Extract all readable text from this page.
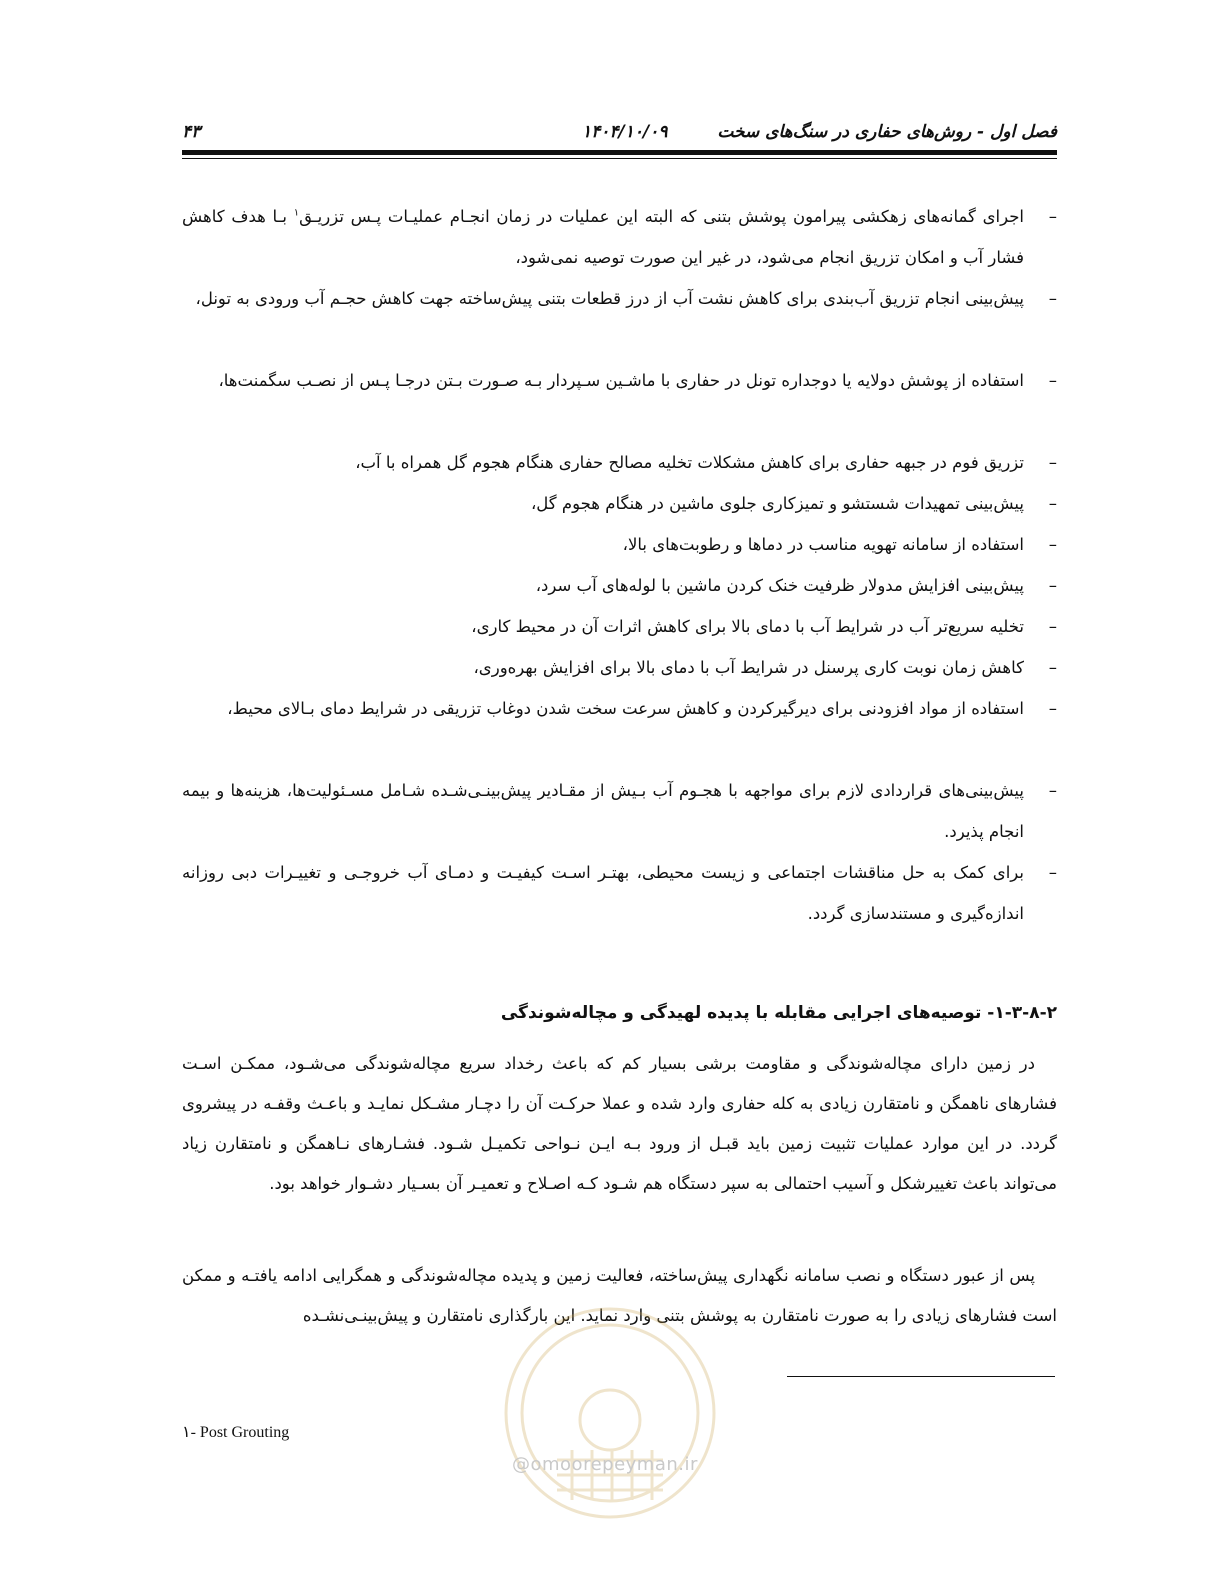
فصل اول - روش‌های حفاری در سنگ‌های سخت
۱۴۰۴/۱۰/۰۹
۴۳
– اجرای گمانه‌های زهکشی پیرامون پوشش بتنی که البته این عملیات در زمان انجـام عملیـات پـس تزریـق$^۱$ بـا هدف کاهش فشار آب و امکان تزریق انجام می‌شود، در غیر این صورت توصیه نمی‌شود،
– پیش‌بینی انجام تزریق آب‌بندی برای کاهش نشت آب از درز قطعات بتنی پیش‌ساخته جهت کاهش حجـم آب ورودی به تونل،
– استفاده از پوشش دولایه یا دوجداره تونل در حفاری با ماشـین سـپردار بـه صـورت بـتن درجـا پـس از نصـب سگمنت‌ها،
– تزریق فوم در جبهه حفاری برای کاهش مشکلات تخلیه مصالح حفاری هنگام هجوم گل همراه با آب،
– پیش‌بینی تمهیدات شستشو و تمیزکاری جلوی ماشین در هنگام هجوم گل،
– استفاده از سامانه تهویه مناسب در دماها و رطوبت‌های بالا،
– پیش‌بینی افزایش مدولار ظرفیت خنک کردن ماشین با لوله‌های آب سرد،
– تخلیه سریع‌تر آب در شرایط آب با دمای بالا برای کاهش اثرات آن در محیط کاری،
– کاهش زمان نوبت کاری پرسنل در شرایط آب با دمای بالا برای افزایش بهره‌وری،
– استفاده از مواد افزودنی برای دیرگیرکردن و کاهش سرعت سخت شدن دوغاب تزریقی در شرایط دمای بـالای محیط،
– پیش‌بینی‌های قراردادی لازم برای مواجهه با هجـوم آب بـیش از مقـادیر پیش‌بینـی‌شـده شـامل مسـئولیت‌ها، هزینه‌ها و بیمه انجام پذیرد.
– برای کمک به حل مناقشات اجتماعی و زیست محیطی، بهتـر اسـت کیفیـت و دمـای آب خروجـی و تغییـرات دبی روزانه اندازه‌گیری و مستندسازی گردد.
۱-۳-۸-۲- توصیه‌های اجرایی مقابله با پدیده لهیدگی و مچاله‌شوندگی

در زمین دارای مچاله‌شوندگی و مقاومت برشی بسیار کم که باعث رخداد سریع مچاله‌شوندگی می‌شـود، ممکـن اسـت فشارهای ناهمگن و نامتقارن زیادی به کله حفاری وارد شده و عملا حرکـت آن را دچـار مشـکل نمایـد و باعـث وقفـه در پیشروی گردد. در این موارد عملیات تثبیت زمین باید قبـل از ورود بـه ایـن نـواحی تکمیـل شـود. فشـارهای نـاهمگن و نامتقارن زیاد می‌تواند باعث تغییرشکل و آسیب احتمالی به سپر دستگاه هم شـود کـه اصـلاح و تعمیـر آن بسـیار دشـوار خواهد بود.

پس از عبور دستگاه و نصب سامانه نگهداری پیش‌ساخته، فعالیت زمین و پدیده مچاله‌شوندگی و همگرایی ادامه یافتـه و ممکن است فشارهای زیادی را به صورت نامتقارن به پوشش بتنی وارد نماید. این بارگذاری نامتقارن و پیش‌بینـی‌نشـده

@omoorepeyman.ir
۱- Post Grouting
